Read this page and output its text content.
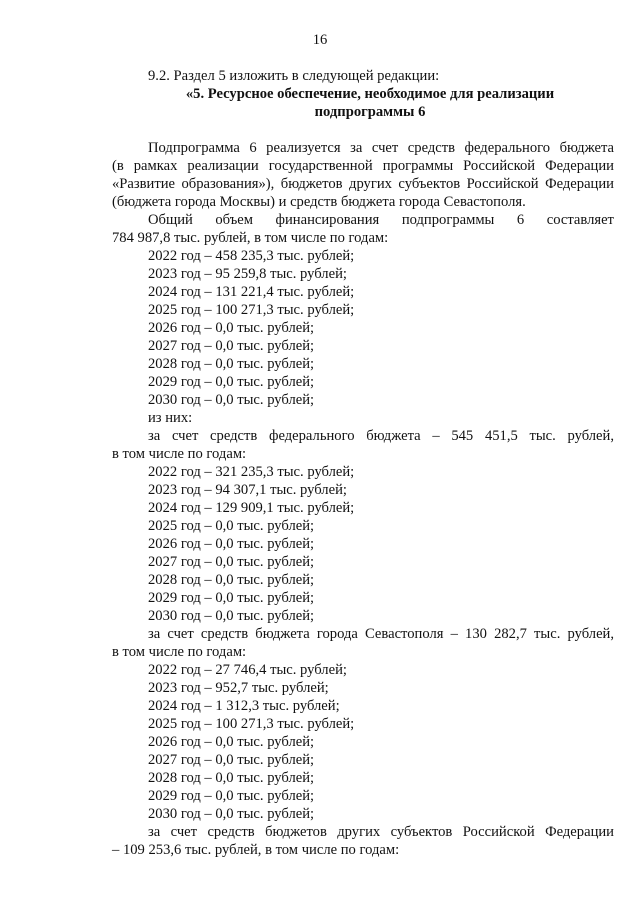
16
9.2. Раздел 5 изложить в следующей редакции:
«5. Ресурсное обеспечение, необходимое для реализации
подпрограммы 6
Подпрограмма 6 реализуется за счет средств федерального бюджета
(в рамках реализации государственной программы Российской Федерации
«Развитие образования»), бюджетов других субъектов Российской Федерации
(бюджета города Москвы) и средств бюджета города Севастополя.
Общий объем финансирования подпрограммы 6 составляет
784 987,8 тыс. рублей, в том числе по годам:
2022 год – 458 235,3 тыс. рублей;
2023 год – 95 259,8 тыс. рублей;
2024 год – 131 221,4 тыс. рублей;
2025 год – 100 271,3 тыс. рублей;
2026 год – 0,0 тыс. рублей;
2027 год – 0,0 тыс. рублей;
2028 год – 0,0 тыс. рублей;
2029 год – 0,0 тыс. рублей;
2030 год – 0,0 тыс. рублей;
из них:
за счет средств федерального бюджета – 545 451,5 тыс. рублей,
в том числе по годам:
2022 год – 321 235,3 тыс. рублей;
2023 год – 94 307,1 тыс. рублей;
2024 год – 129 909,1 тыс. рублей;
2025 год – 0,0 тыс. рублей;
2026 год – 0,0 тыс. рублей;
2027 год – 0,0 тыс. рублей;
2028 год – 0,0 тыс. рублей;
2029 год – 0,0 тыс. рублей;
2030 год – 0,0 тыс. рублей;
за счет средств бюджета города Севастополя – 130 282,7 тыс. рублей,
в том числе по годам:
2022 год – 27 746,4 тыс. рублей;
2023 год – 952,7 тыс. рублей;
2024 год – 1 312,3 тыс. рублей;
2025 год – 100 271,3 тыс. рублей;
2026 год – 0,0 тыс. рублей;
2027 год – 0,0 тыс. рублей;
2028 год – 0,0 тыс. рублей;
2029 год – 0,0 тыс. рублей;
2030 год – 0,0 тыс. рублей;
за счет средств бюджетов других субъектов Российской Федерации
– 109 253,6 тыс. рублей, в том числе по годам:
